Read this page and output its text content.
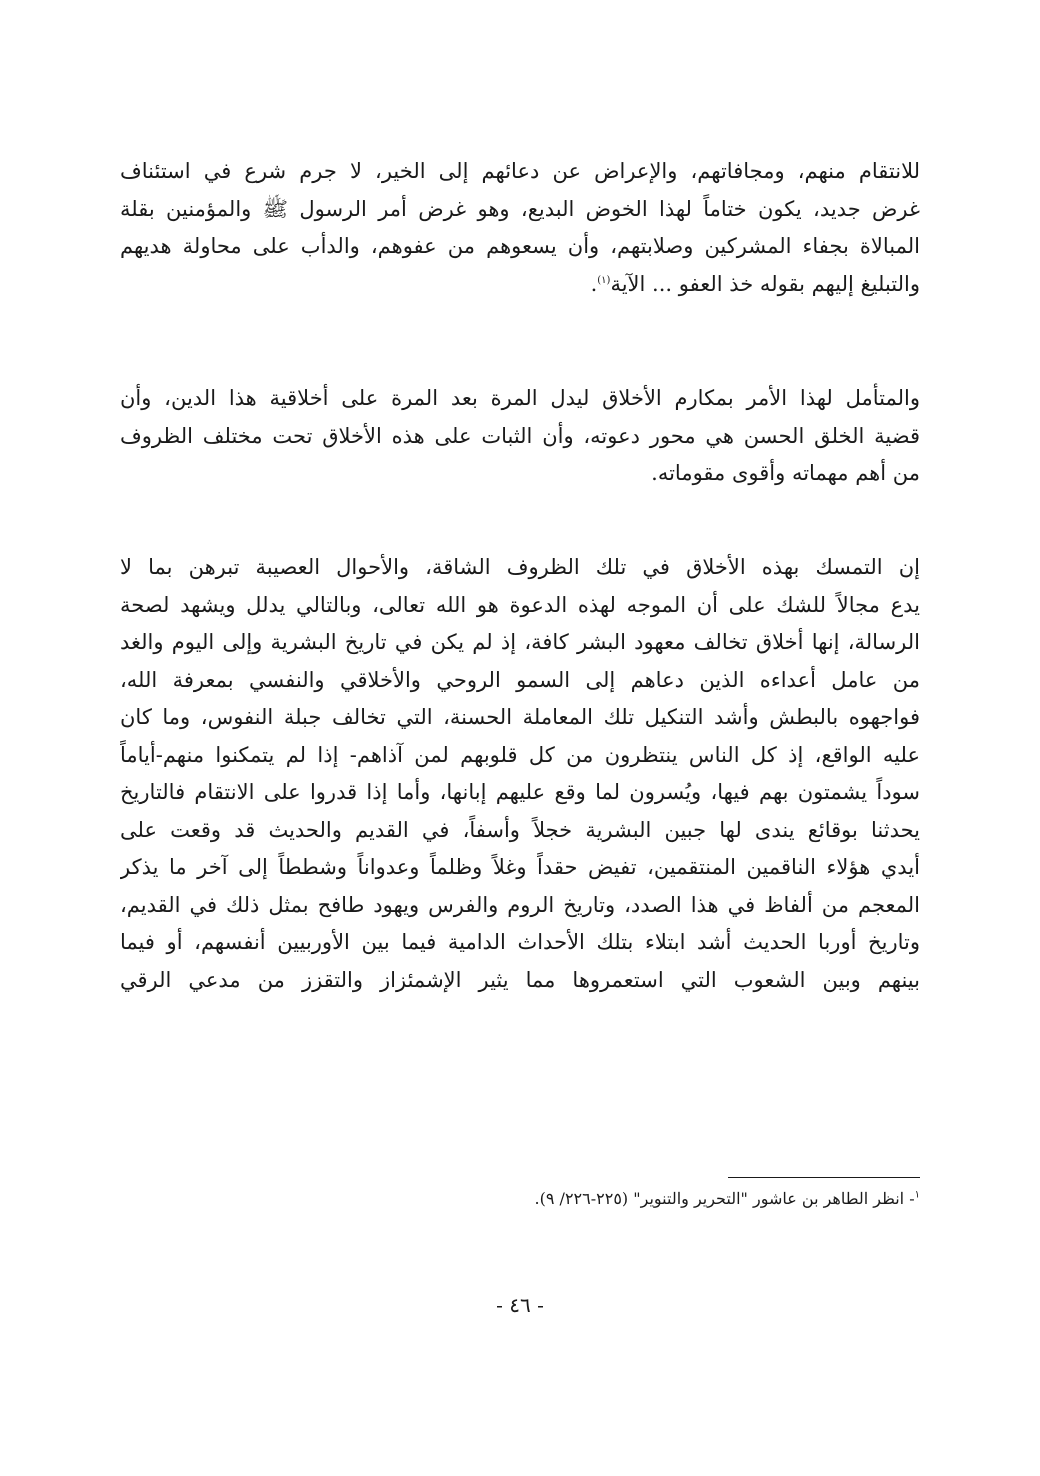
للانتقام منهم، ومجافاتهم، والإعراض عن دعائهم إلى الخير، لا جرم شرع في استئناف
غرض جديد، يكون ختاماً لهذا الخوض البديع، وهو غرض أمر الرسول ﷺ والمؤمنين بقلة
المبالاة بجفاء المشركين وصلابتهم، وأن يسعوهم من عفوهم، والدأب على محاولة هديهم
والتبليغ إليهم بقوله خذ العفو ... الآية$^{(١)}$.
والمتأمل لهذا الأمر بمكارم الأخلاق ليدل المرة بعد المرة على أخلاقية هذا الدين، وأن
قضية الخلق الحسن هي محور دعوته، وأن الثبات على هذه الأخلاق تحت مختلف الظروف
من أهم مهماته وأقوى مقوماته.
إن التمسك بهذه الأخلاق في تلك الظروف الشاقة، والأحوال العصيبة تبرهن بما لا
يدع مجالاً للشك على أن الموجه لهذه الدعوة هو الله تعالى، وبالتالي يدلل ويشهد لصحة
الرسالة، إنها أخلاق تخالف معهود البشر كافة، إذ لم يكن في تاريخ البشرية وإلى اليوم والغد
من عامل أعداءه الذين دعاهم إلى السمو الروحي والأخلاقي والنفسي بمعرفة الله،
فواجهوه بالبطش وأشد التنكيل تلك المعاملة الحسنة، التي تخالف جبلة النفوس، وما كان
عليه الواقع، إذ كل الناس ينتظرون من كل قلوبهم لمن آذاهم- إذا لم يتمكنوا منهم-أياماً
سوداً يشمتون بهم فيها، ويُسرون لما وقع عليهم إبانها، وأما إذا قدروا على الانتقام فالتاريخ
يحدثنا بوقائع يندى لها جبين البشرية خجلاً وأسفاً، في القديم والحديث قد وقعت على
أيدي هؤلاء الناقمين المنتقمين، تفيض حقداً وغلاً وظلماً وعدواناً وشططاً إلى آخر ما يذكر
المعجم من ألفاظ في هذا الصدد، وتاريخ الروم والفرس ويهود طافح بمثل ذلك في القديم،
وتاريخ أوربا الحديث أشد ابتلاء بتلك الأحداث الدامية فيما بين الأوربيين أنفسهم، أو فيما
بينهم وبين الشعوب التي استعمروها مما يثير الإشمئزاز والتقزز من مدعي الرقي
$^١$- انظر الطاهر بن عاشور "التحرير والتنوير" (٢٢٥-٢٢٦/ ٩).
- ٤٦ -
